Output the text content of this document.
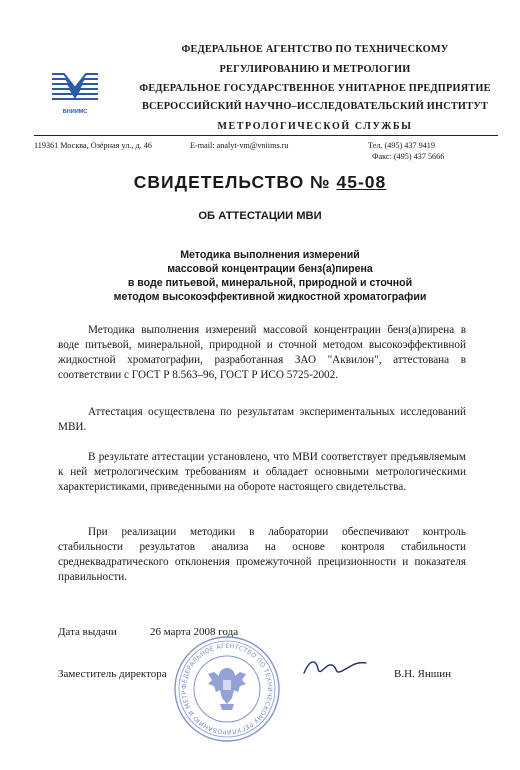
ФЕДЕРАЛЬНОЕ АГЕНТСТВО ПО ТЕХНИЧЕСКОМУ
РЕГУЛИРОВАНИЮ И МЕТРОЛОГИИ
ФЕДЕРАЛЬНОЕ ГОСУДАРСТВЕННОЕ УНИТАРНОЕ ПРЕДПРИЯТИЕ
ВСЕРОССИЙСКИЙ НАУЧНО–ИССЛЕДОВАТЕЛЬСКИЙ ИНСТИТУТ
МЕТРОЛОГИЧЕСКОЙ СЛУЖБЫ
ВНИИМС
119361 Москва, Озёрная ул., д. 46	E-mail: analyt-vm@vniims.ru	Тел. (495) 437 9419
Факс: (495) 437 5666
СВИДЕТЕЛЬСТВО № 45-08
ОБ АТТЕСТАЦИИ МВИ
Методика выполнения измерений
массовой концентрации бенз(а)пирена
в воде питьевой, минеральной, природной и сточной
методом высокоэффективной жидкостной хроматографии
Методика выполнения измерений массовой концентрации бенз(а)пирена в воде питьевой, минеральной, природной и сточной методом высокоэффективной жидкостной хроматографии, разработанная ЗАО "Аквилон", аттестована в соответствии с ГОСТ Р 8.563–96, ГОСТ Р ИСО 5725-2002.
Аттестация осуществлена по результатам экспериментальных исследований МВИ.
В результате аттестации установлено, что МВИ соответствует предъявляемым к ней метрологическим требованиям и обладает основными метрологическими характеристиками, приведенными на обороте настоящего свидетельства.
При реализации методики в лаборатории обеспечивают контроль стабильности результатов анализа на основе контроля стабильности среднеквадратического отклонения промежуточной прецизионности и показателя правильности.
Дата выдачи	26 марта 2008 года
ФЕДЕРАЛЬНОЕ АГЕНТСТВО ПО ТЕХНИЧЕСКОМУ РЕГУЛИРОВАНИЮ И МЕТР
Заместитель директора	В.Н. Яншин
